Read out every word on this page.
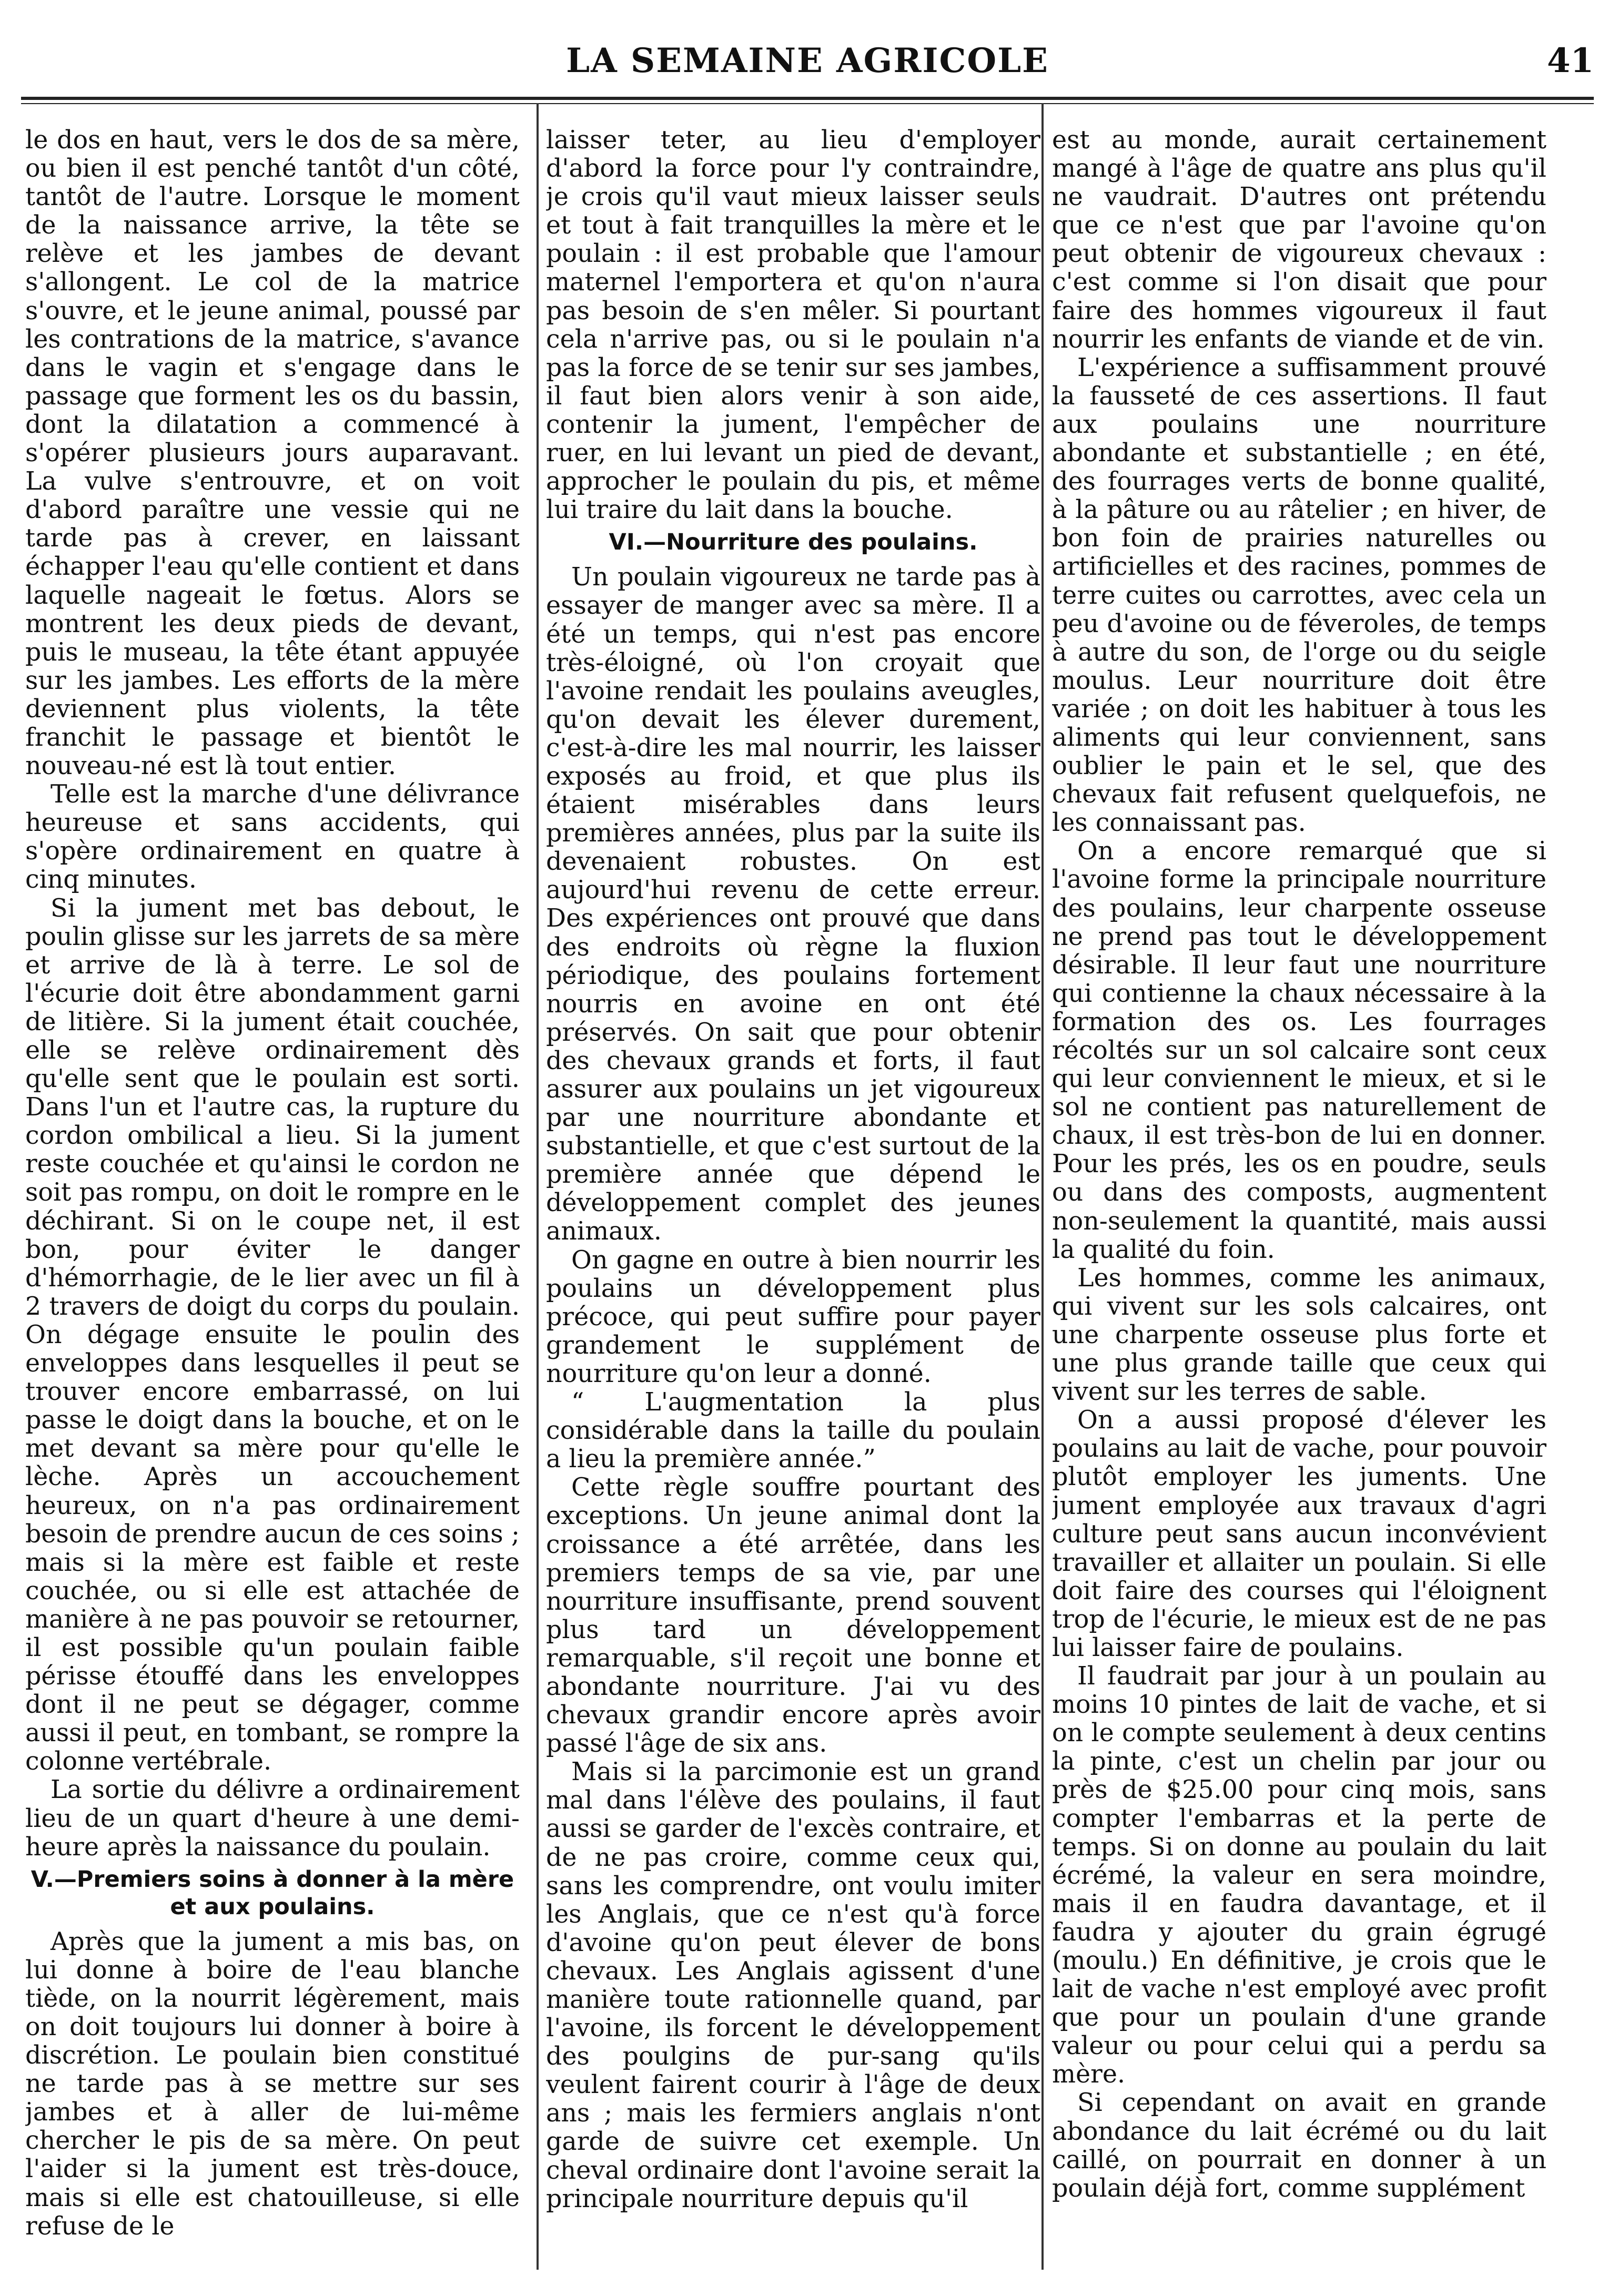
LA SEMAINE AGRICOLE	41

le dos en haut, vers le dos de sa mère, ou bien il est penché tantôt d'un côté, tantôt de l'autre. Lorsque le moment de la naissance arrive, la tête se relève et les jambes de devant s'allongent. Le col de la matrice s'ouvre, et le jeune animal, poussé par les contrations de la matrice, s'avance dans le vagin et s'engage dans le passage que forment les os du bassin, dont la dilatation a commencé à s'opérer plusieurs jours auparavant. La vulve s'entrouvre, et on voit d'abord paraître une vessie qui ne tarde pas à crever, en laissant échapper l'eau qu'elle contient et dans laquelle nageait le fœtus. Alors se montrent les deux pieds de devant, puis le museau, la tête étant appuyée sur les jambes. Les efforts de la mère deviennent plus violents, la tête franchit le passage et bientôt le nouveau-né est là tout entier.

Telle est la marche d'une délivrance heureuse et sans accidents, qui s'opère ordinairement en quatre à cinq minutes.

Si la jument met bas debout, le poulin glisse sur les jarrets de sa mère et arrive de là à terre. Le sol de l'écurie doit être abondamment garni de litière. Si la jument était couchée, elle se relève ordinairement dès qu'elle sent que le poulain est sorti. Dans l'un et l'autre cas, la rupture du cordon ombilical a lieu. Si la jument reste couchée et qu'ainsi le cordon ne soit pas rompu, on doit le rompre en le déchirant. Si on le coupe net, il est bon, pour éviter le danger d'hémorrhagie, de le lier avec un fil à 2 travers de doigt du corps du poulain. On dégage ensuite le poulin des enveloppes dans lesquelles il peut se trouver encore embarrassé, on lui passe le doigt dans la bouche, et on le met devant sa mère pour qu'elle le lèche. Après un accouchement heureux, on n'a pas ordinairement besoin de prendre aucun de ces soins ; mais si la mère est faible et reste couchée, ou si elle est attachée de manière à ne pas pouvoir se retourner, il est possible qu'un poulain faible périsse étouffé dans les enveloppes dont il ne peut se dégager, comme aussi il peut, en tombant, se rompre la colonne vertébrale.

La sortie du délivre a ordinairement lieu de un quart d'heure à une demi-heure après la naissance du poulain.

V.—Premiers soins à donner à la mère et aux poulains.

Après que la jument a mis bas, on lui donne à boire de l'eau blanche tiède, on la nourrit légèrement, mais on doit toujours lui donner à boire à discrétion. Le poulain bien constitué ne tarde pas à se mettre sur ses jambes et à aller de lui-même chercher le pis de sa mère. On peut l'aider si la jument est très-douce, mais si elle est chatouilleuse, si elle refuse de le

laisser teter, au lieu d'employer d'abord la force pour l'y contraindre, je crois qu'il vaut mieux laisser seuls et tout à fait tranquilles la mère et le poulain : il est probable que l'amour maternel l'emportera et qu'on n'aura pas besoin de s'en mêler. Si pourtant cela n'arrive pas, ou si le poulain n'a pas la force de se tenir sur ses jambes, il faut bien alors venir à son aide, contenir la jument, l'empêcher de ruer, en lui levant un pied de devant, approcher le poulain du pis, et même lui traire du lait dans la bouche.

VI.—Nourriture des poulains.

Un poulain vigoureux ne tarde pas à essayer de manger avec sa mère. Il a été un temps, qui n'est pas encore très-éloigné, où l'on croyait que l'avoine rendait les poulains aveugles, qu'on devait les élever durement, c'est-à-dire les mal nourrir, les laisser exposés au froid, et que plus ils étaient misérables dans leurs premières années, plus par la suite ils devenaient robustes. On est aujourd'hui revenu de cette erreur. Des expériences ont prouvé que dans des endroits où règne la fluxion périodique, des poulains fortement nourris en avoine en ont été préservés. On sait que pour obtenir des chevaux grands et forts, il faut assurer aux poulains un jet vigoureux par une nourriture abondante et substantielle, et que c'est surtout de la première année que dépend le développement complet des jeunes animaux.

On gagne en outre à bien nourrir les poulains un développement plus précoce, qui peut suffire pour payer grandement le supplément de nourriture qu'on leur a donné.

“ L'augmentation la plus considérable dans la taille du poulain a lieu la première année.”

Cette règle souffre pourtant des exceptions. Un jeune animal dont la croissance a été arrêtée, dans les premiers temps de sa vie, par une nourriture insuffisante, prend souvent plus tard un développement remarquable, s'il reçoit une bonne et abondante nourriture. J'ai vu des chevaux grandir encore après avoir passé l'âge de six ans.

Mais si la parcimonie est un grand mal dans l'élève des poulains, il faut aussi se garder de l'excès contraire, et de ne pas croire, comme ceux qui, sans les comprendre, ont voulu imiter les Anglais, que ce n'est qu'à force d'avoine qu'on peut élever de bons chevaux. Les Anglais agissent d'une manière toute rationnelle quand, par l'avoine, ils forcent le développement des poulgins de pur-sang qu'ils veulent fairent courir à l'âge de deux ans ; mais les fermiers anglais n'ont garde de suivre cet exemple. Un cheval ordinaire dont l'avoine serait la principale nourriture depuis qu'il

est au monde, aurait certainement mangé à l'âge de quatre ans plus qu'il ne vaudrait. D'autres ont prétendu que ce n'est que par l'avoine qu'on peut obtenir de vigoureux chevaux : c'est comme si l'on disait que pour faire des hommes vigoureux il faut nourrir les enfants de viande et de vin.

L'expérience a suffisamment prouvé la fausseté de ces assertions. Il faut aux poulains une nourriture abondante et substantielle ; en été, des fourrages verts de bonne qualité, à la pâture ou au râtelier ; en hiver, de bon foin de prairies naturelles ou artificielles et des racines, pommes de terre cuites ou carrottes, avec cela un peu d'avoine ou de féveroles, de temps à autre du son, de l'orge ou du seigle moulus. Leur nourriture doit être variée ; on doit les habituer à tous les aliments qui leur conviennent, sans oublier le pain et le sel, que des chevaux fait refusent quelquefois, ne les connaissant pas.

On a encore remarqué que si l'avoine forme la principale nourriture des poulains, leur charpente osseuse ne prend pas tout le développement désirable. Il leur faut une nourriture qui contienne la chaux nécessaire à la formation des os. Les fourrages récoltés sur un sol calcaire sont ceux qui leur conviennent le mieux, et si le sol ne contient pas naturellement de chaux, il est très-bon de lui en donner. Pour les prés, les os en poudre, seuls ou dans des composts, augmentent non-seulement la quantité, mais aussi la qualité du foin.

Les hommes, comme les animaux, qui vivent sur les sols calcaires, ont une charpente osseuse plus forte et une plus grande taille que ceux qui vivent sur les terres de sable.

On a aussi proposé d'élever les poulains au lait de vache, pour pouvoir plutôt employer les juments. Une jument employée aux travaux d'agri culture peut sans aucun inconvévient travailler et allaiter un poulain. Si elle doit faire des courses qui l'éloignent trop de l'écurie, le mieux est de ne pas lui laisser faire de poulains.

Il faudrait par jour à un poulain au moins 10 pintes de lait de vache, et si on le compte seulement à deux centins la pinte, c'est un chelin par jour ou près de $25.00 pour cinq mois, sans compter l'embarras et la perte de temps. Si on donne au poulain du lait écrémé, la valeur en sera moindre, mais il en faudra davantage, et il faudra y ajouter du grain égrugé (moulu.) En définitive, je crois que le lait de vache n'est employé avec profit que pour un poulain d'une grande valeur ou pour celui qui a perdu sa mère.

Si cependant on avait en grande abondance du lait écrémé ou du lait caillé, on pourrait en donner à un poulain déjà fort, comme supplément
